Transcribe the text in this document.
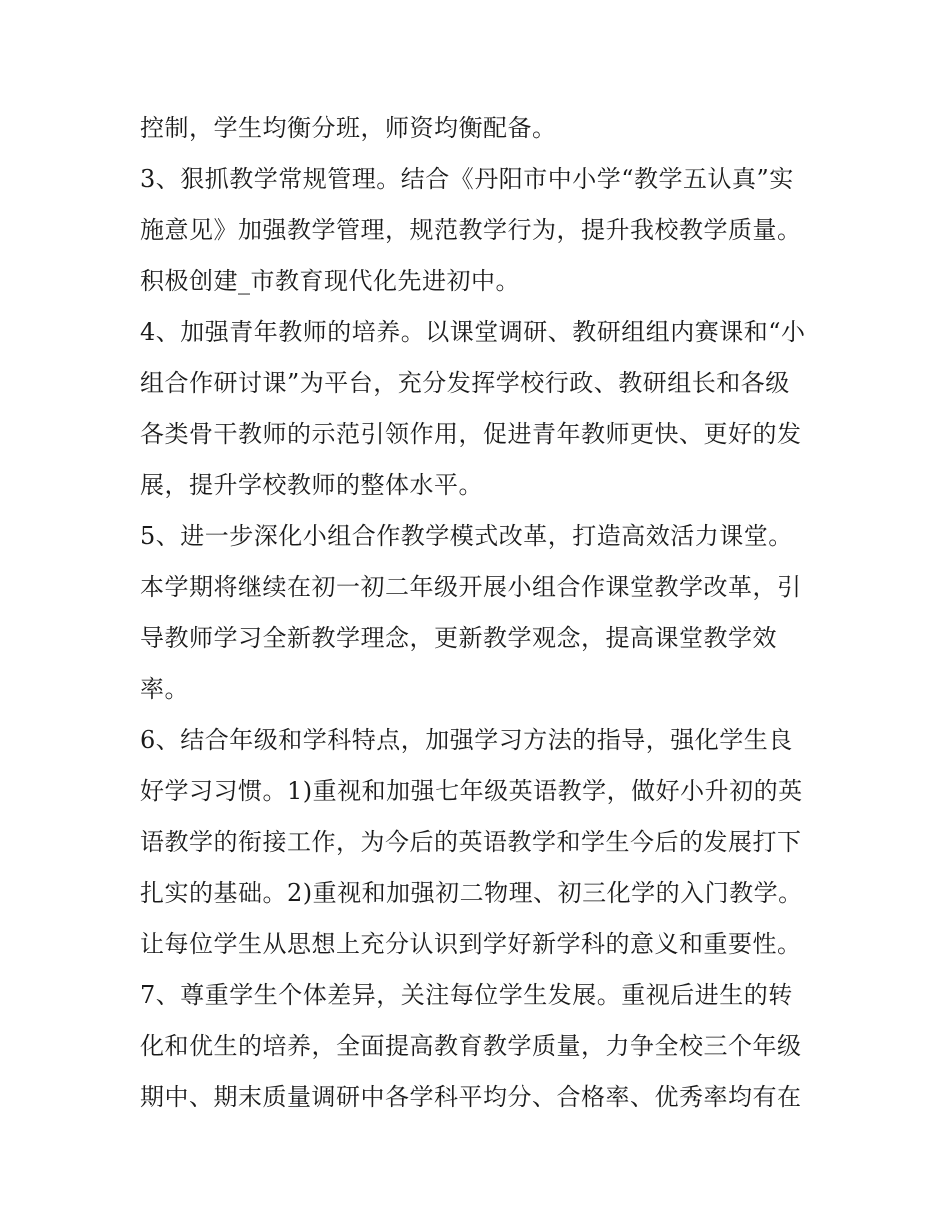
控制，学生均衡分班，师资均衡配备。
3、狠抓教学常规管理。结合《丹阳市中小学“教学五认真”实
施意见》加强教学管理，规范教学行为，提升我校教学质量。
积极创建_市教育现代化先进初中。
4、加强青年教师的培养。以课堂调研、教研组组内赛课和“小
组合作研讨课”为平台，充分发挥学校行政、教研组长和各级
各类骨干教师的示范引领作用，促进青年教师更快、更好的发
展，提升学校教师的整体水平。
5、进一步深化小组合作教学模式改革，打造高效活力课堂。
本学期将继续在初一初二年级开展小组合作课堂教学改革，引
导教师学习全新教学理念，更新教学观念，提高课堂教学效
率。
6、结合年级和学科特点，加强学习方法的指导，强化学生良
好学习习惯。1)重视和加强七年级英语教学，做好小升初的英
语教学的衔接工作，为今后的英语教学和学生今后的发展打下
扎实的基础。2)重视和加强初二物理、初三化学的入门教学。
让每位学生从思想上充分认识到学好新学科的意义和重要性。
7、尊重学生个体差异，关注每位学生发展。重视后进生的转
化和优生的培养，全面提高教育教学质量，力争全校三个年级
期中、期末质量调研中各学科平均分、合格率、优秀率均有在
